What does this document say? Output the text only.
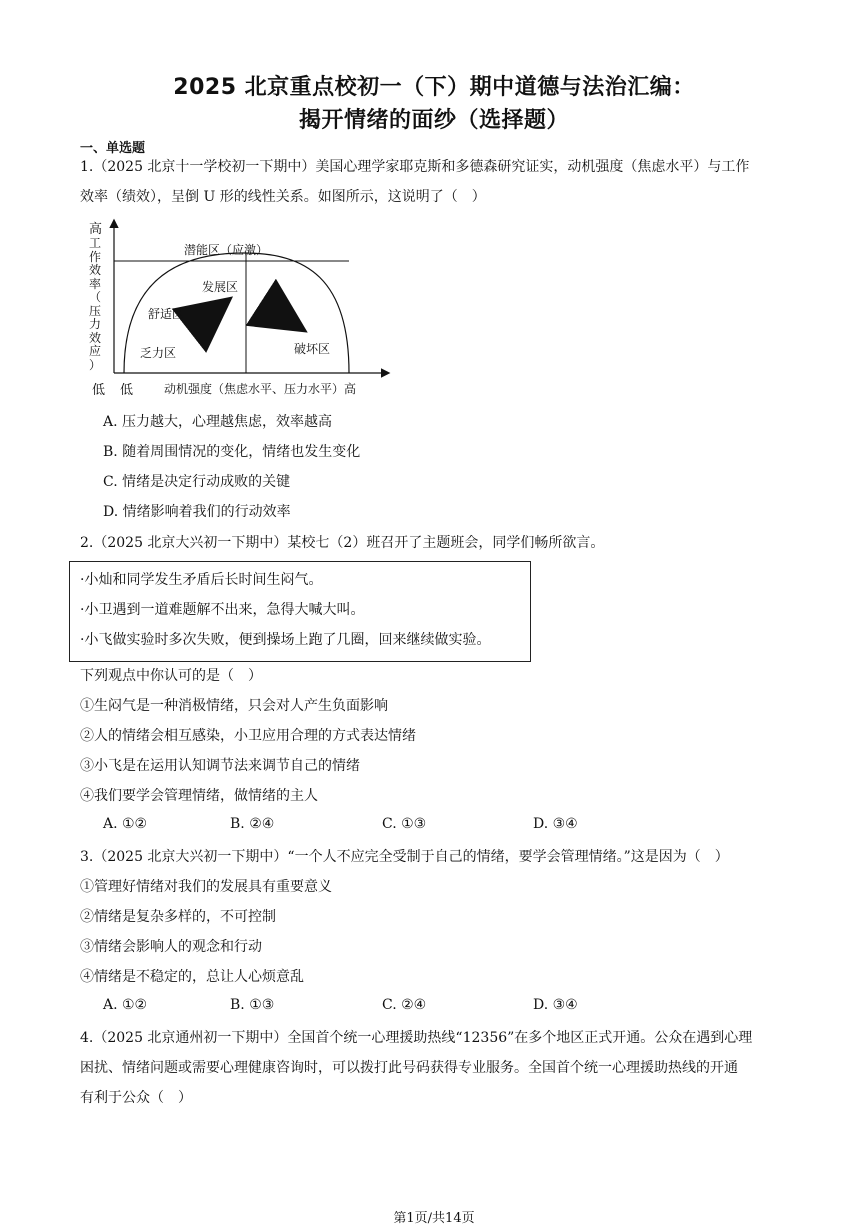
2025 北京重点校初一（下）期中道德与法治汇编：
揭开情绪的面纱（选择题）
一、单选题
1.（2025 北京十一学校初一下期中）美国心理学家耶克斯和多德森研究证实，动机强度（焦虑水平）与工作
效率（绩效），呈倒 U 形的线性关系。如图所示，这说明了（　）
高
工 作 效 率 （ 压 力 效 应 ）
低 低	动机强度（焦虑水平、压力水平）高
潜能区（应激）
发展区
舒适区
乏力区	破坏区
A. 压力越大，心理越焦虑，效率越高
B. 随着周围情况的变化，情绪也发生变化
C. 情绪是决定行动成败的关键
D. 情绪影响着我们的行动效率
2.（2025 北京大兴初一下期中）某校七（2）班召开了主题班会，同学们畅所欲言。
·小灿和同学发生矛盾后长时间生闷气。
·小卫遇到一道难题解不出来，急得大喊大叫。
·小飞做实验时多次失败，便到操场上跑了几圈，回来继续做实验。
下列观点中你认可的是（　）
①生闷气是一种消极情绪，只会对人产生负面影响
②人的情绪会相互感染，小卫应用合理的方式表达情绪
③小飞是在运用认知调节法来调节自己的情绪
④我们要学会管理情绪，做情绪的主人
A. ①②	B. ②④	C. ①③	D. ③④
3.（2025 北京大兴初一下期中）“一个人不应完全受制于自己的情绪，要学会管理情绪。”这是因为（　）
①管理好情绪对我们的发展具有重要意义
②情绪是复杂多样的，不可控制
③情绪会影响人的观念和行动
④情绪是不稳定的，总让人心烦意乱
A. ①②	B. ①③	C. ②④	D. ③④
4.（2025 北京通州初一下期中）全国首个统一心理援助热线“12356”在多个地区正式开通。公众在遇到心理
困扰、情绪问题或需要心理健康咨询时，可以拨打此号码获得专业服务。全国首个统一心理援助热线的开通
有利于公众（　）
第1页/共14页
